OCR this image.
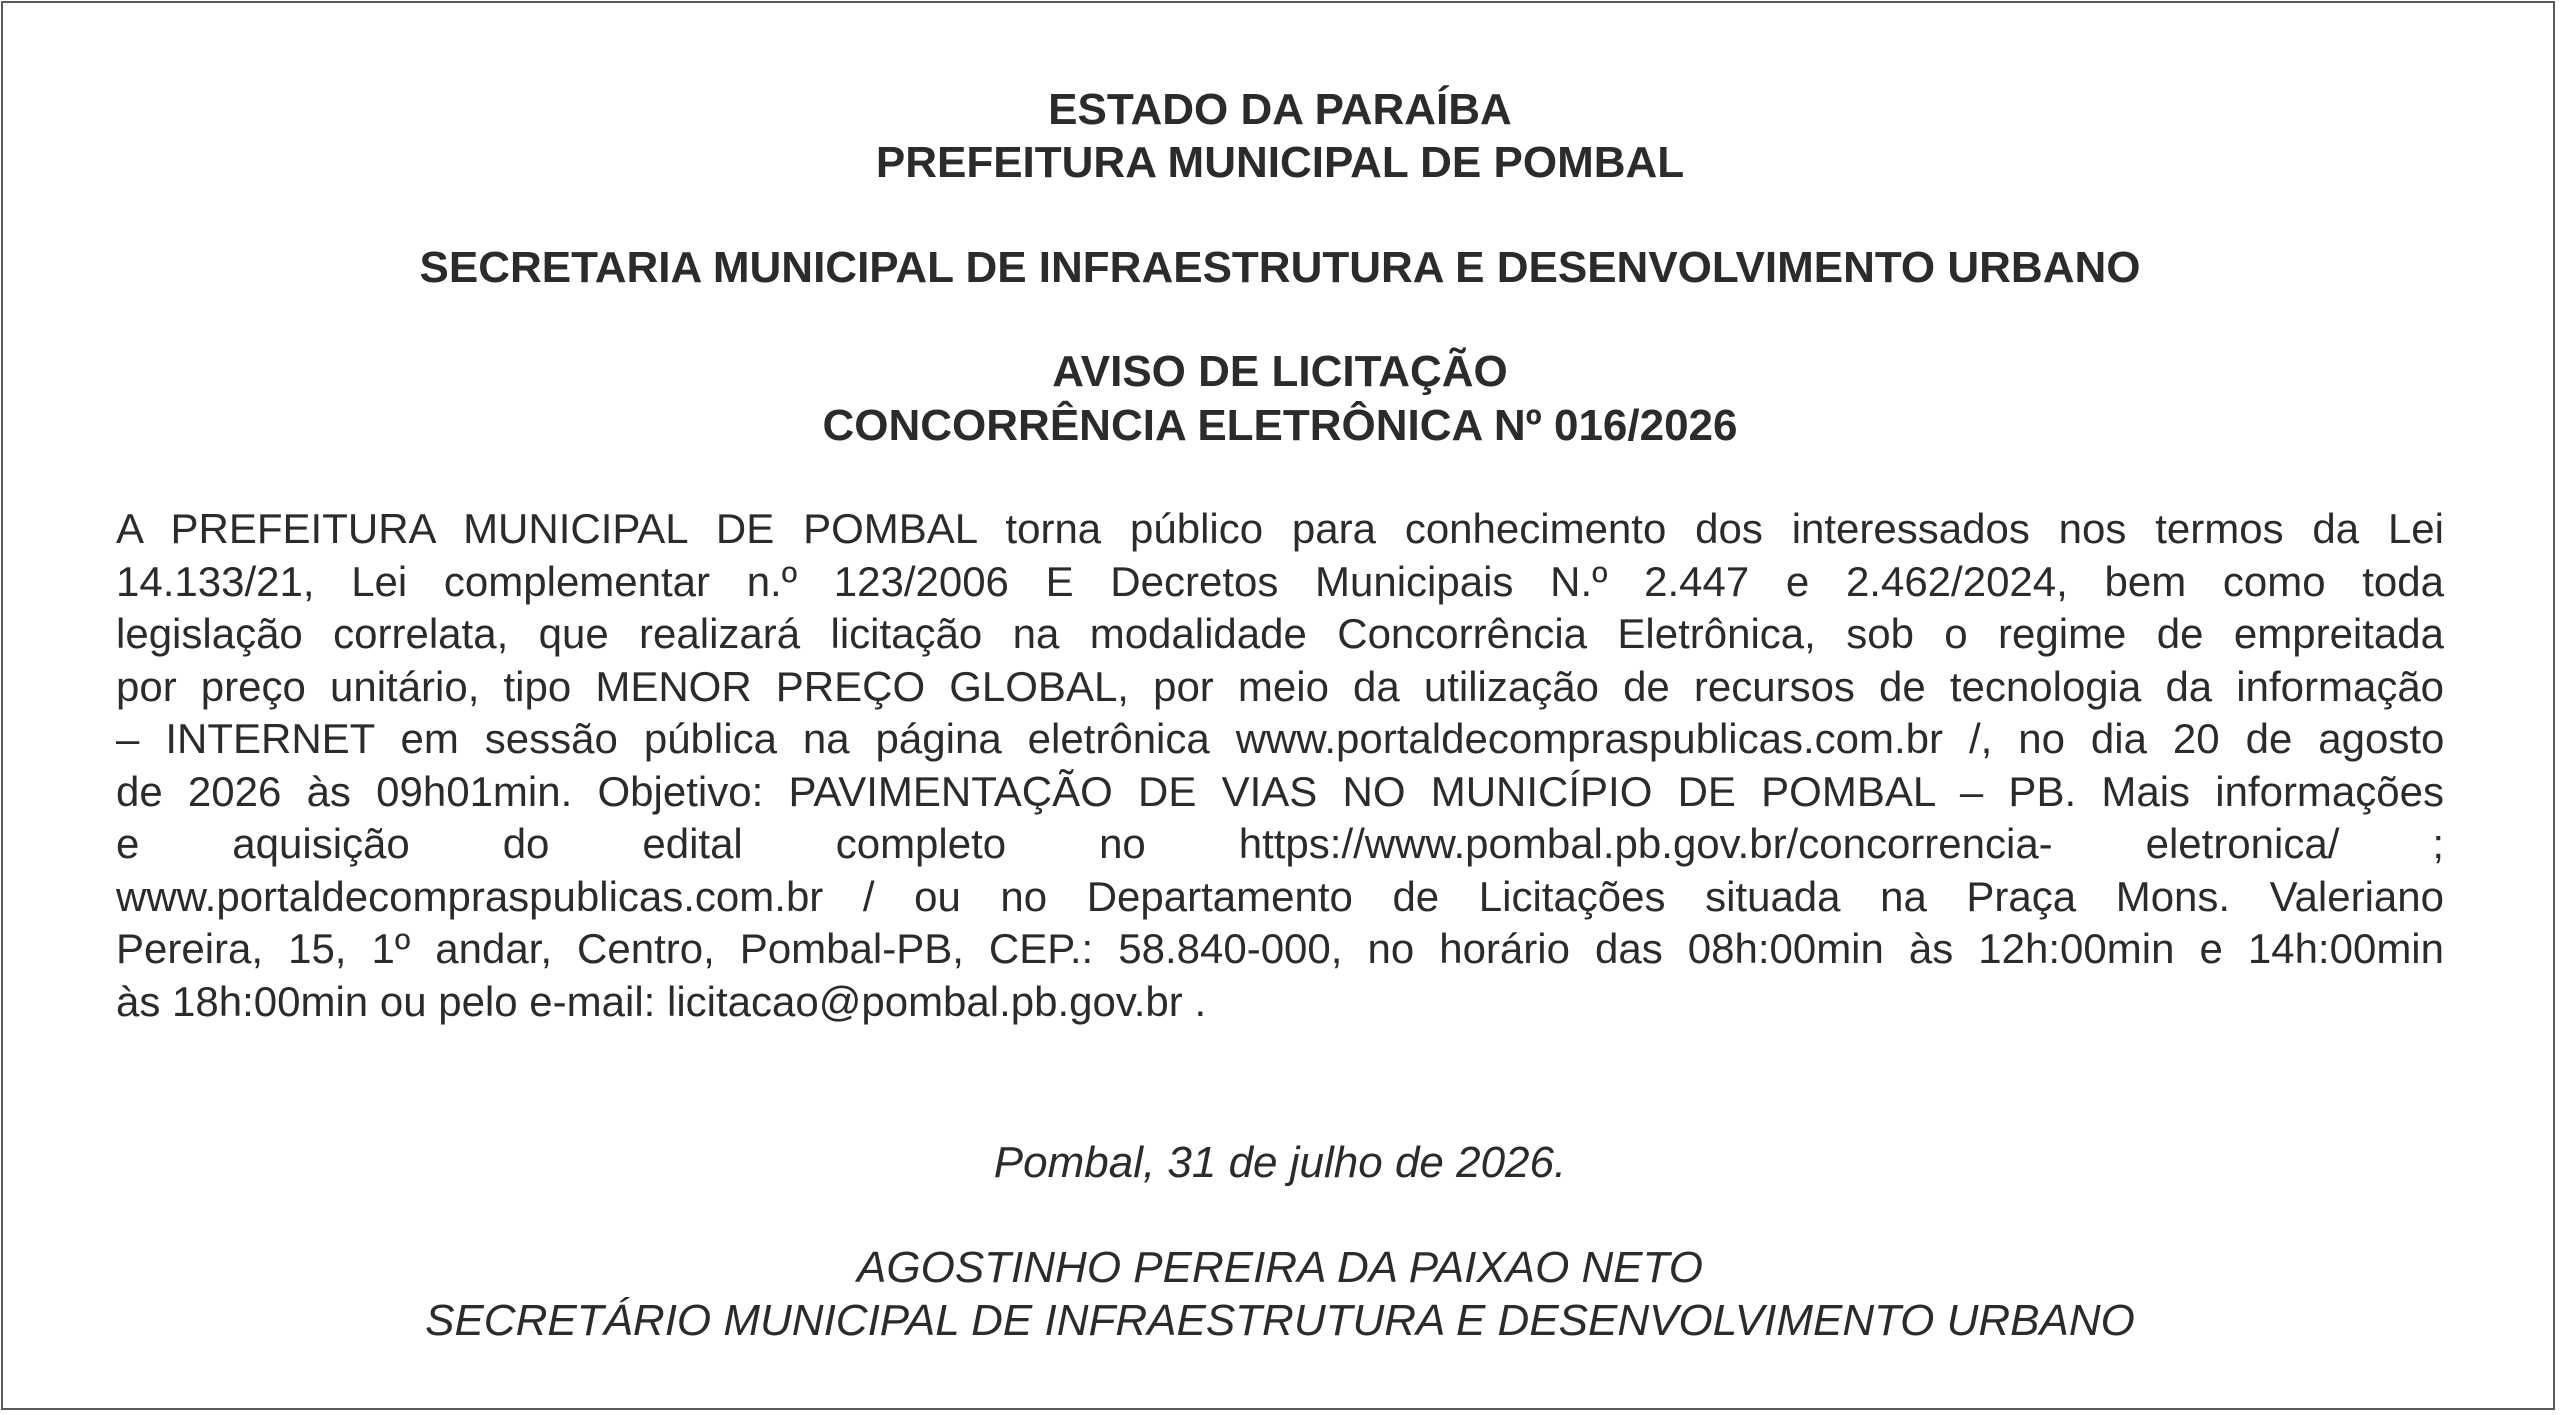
ESTADO DA PARAÍBA
PREFEITURA MUNICIPAL DE POMBAL
SECRETARIA MUNICIPAL DE INFRAESTRUTURA E DESENVOLVIMENTO URBANO
AVISO DE LICITAÇÃO
CONCORRÊNCIA ELETRÔNICA Nº 016/2026
A PREFEITURA MUNICIPAL DE POMBAL torna público para conhecimento dos interessados nos termos da Lei
14.133/21, Lei complementar n.º 123/2006 E Decretos Municipais N.º 2.447 e 2.462/2024, bem como toda
legislação correlata, que realizará licitação na modalidade Concorrência Eletrônica, sob o regime de empreitada
por preço unitário, tipo MENOR PREÇO GLOBAL, por meio da utilização de recursos de tecnologia da informação
– INTERNET em sessão pública na página eletrônica www.portaldecompraspublicas.com.br /, no dia 20 de agosto
de 2026 às 09h01min. Objetivo: PAVIMENTAÇÃO DE VIAS NO MUNICÍPIO DE POMBAL – PB. Mais informações
e aquisição do edital completo no https://www.pombal.pb.gov.br/concorrencia- eletronica/ ;
www.portaldecompraspublicas.com.br / ou no Departamento de Licitações situada na Praça Mons. Valeriano
Pereira, 15, 1º andar, Centro, Pombal-PB, CEP.: 58.840-000, no horário das 08h:00min às 12h:00min e 14h:00min
às 18h:00min ou pelo e-mail: licitacao@pombal.pb.gov.br .
Pombal, 31 de julho de 2026.
AGOSTINHO PEREIRA DA PAIXAO NETO
SECRETÁRIO MUNICIPAL DE INFRAESTRUTURA E DESENVOLVIMENTO URBANO
